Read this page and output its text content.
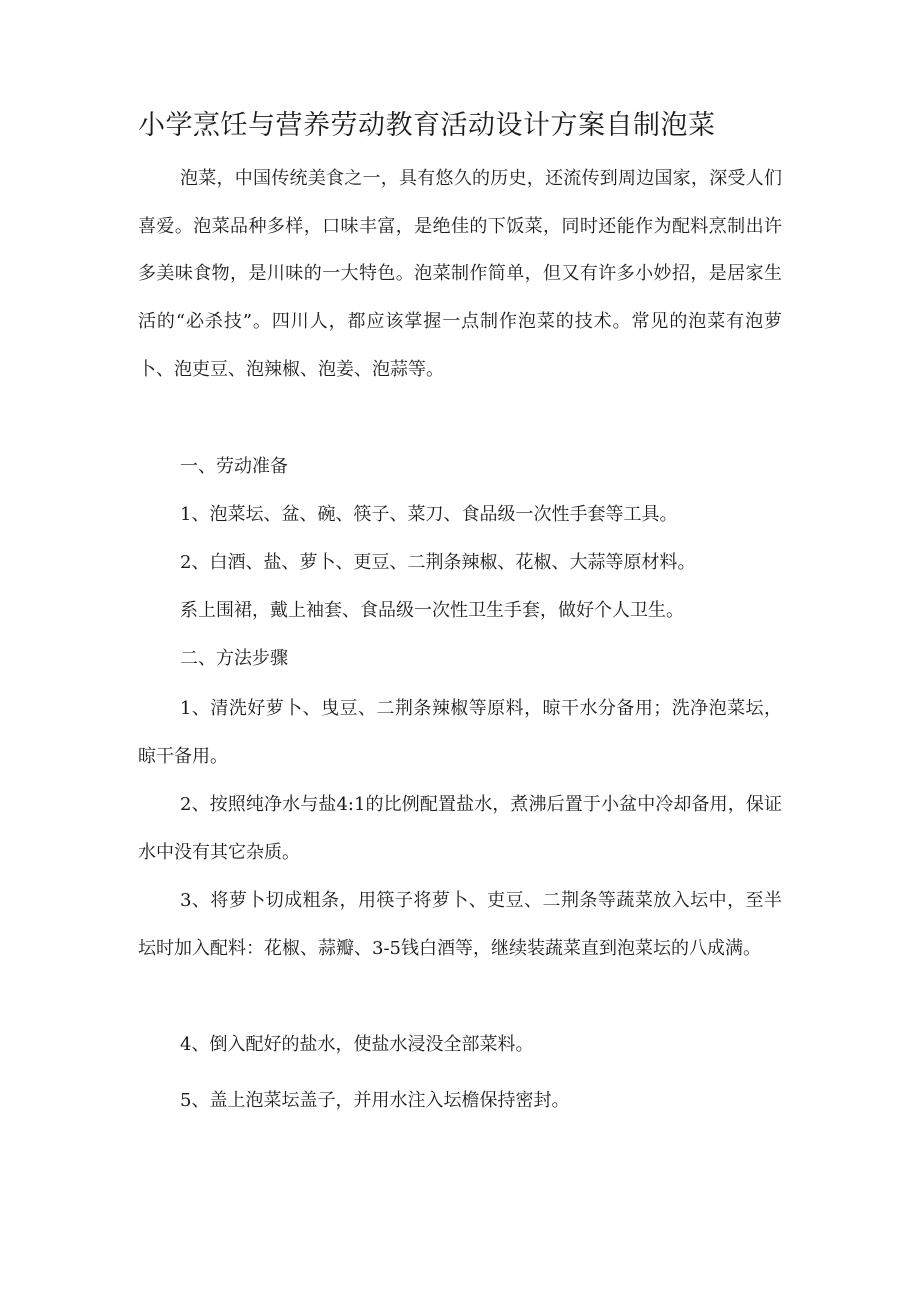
小学烹饪与营养劳动教育活动设计方案自制泡菜

泡菜，中国传统美食之一，具有悠久的历史，还流传到周边国家，深受人们喜爱。泡菜品种多样，口味丰富，是绝佳的下饭菜，同时还能作为配料烹制出许多美味食物，是川味的一大特色。泡菜制作简单，但又有许多小妙招，是居家生活的“必杀技”。四川人，都应该掌握一点制作泡菜的技术。常见的泡菜有泡萝卜、泡吏豆、泡辣椒、泡姜、泡蒜等。

一、劳动准备

1、泡菜坛、盆、碗、筷子、菜刀、食品级一次性手套等工具。

2、白酒、盐、萝卜、更豆、二荆条辣椒、花椒、大蒜等原材料。

系上围裙，戴上袖套、食品级一次性卫生手套，做好个人卫生。

二、方法步骤

1、清洗好萝卜、曳豆、二荆条辣椒等原料，晾干水分备用；洗净泡菜坛，晾干备用。

2、按照纯净水与盐4:1的比例配置盐水，煮沸后置于小盆中冷却备用，保证水中没有其它杂质。

3、将萝卜切成粗条，用筷子将萝卜、吏豆、二荆条等蔬菜放入坛中，至半坛时加入配料：花椒、蒜瓣、3-5钱白酒等，继续装蔬菜直到泡菜坛的八成满。

4、倒入配好的盐水，使盐水浸没全部菜料。

5、盖上泡菜坛盖子，并用水注入坛檐保持密封。
